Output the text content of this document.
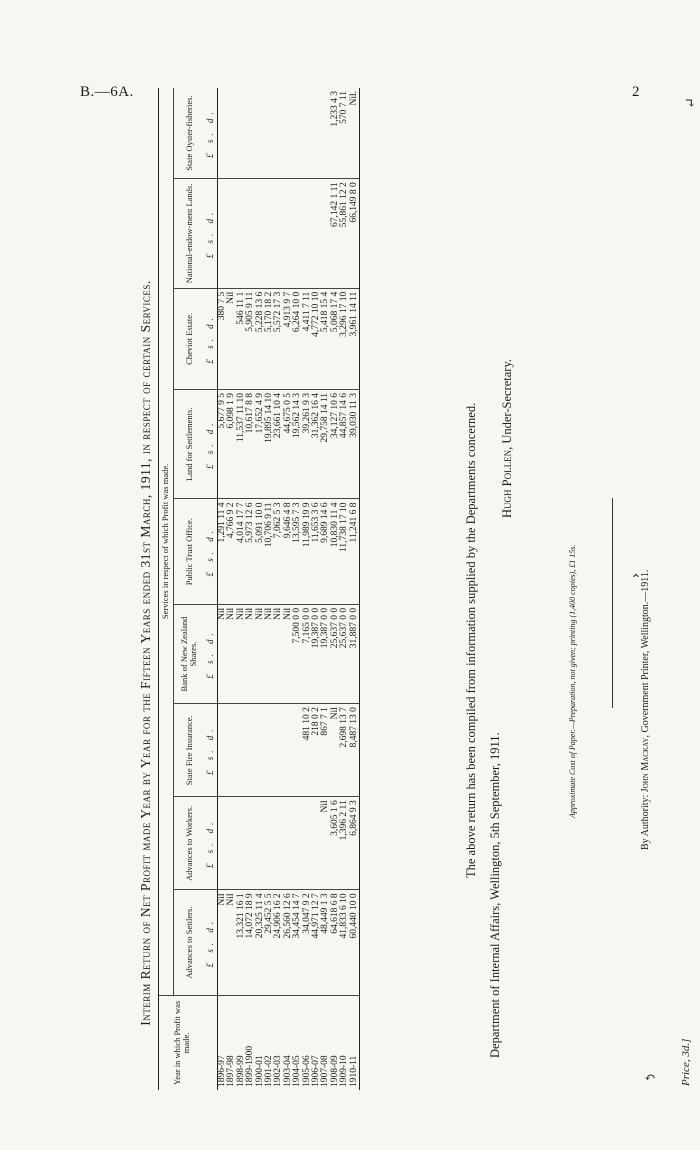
B.—6A.	2
↴
Interim Return of Net Profit made Year by Year for the Fifteen Years ended 31st March, 1911, in respect of certain Services.
Year in which Profit was made.	Services in respect of which Profit was made.								
	Advances to Settlers.	Advances to Workers.	State Fire Insurance.	Bank of New Zealand Shares.	Public Trust Office.	Land for Settlements.	Cheviot Estate.	National-endow-ment Lands.	State Oyster-fisheries.
	£ s. d.	£ s. d.	£ s. d.	£ s. d.	£ s. d.	£ s. d.	£ s. d.	£ s. d.	£ s. d.
1896-97	Nil			Nil	1,291 11 4	5,677 9 5	380 7 5		
1897-98	Nil			Nil	4,766 9 2	6,098 1 9	Nil		
1898-99	13,321 16 1			Nil	4,014 17 7	11,537 11 10	546 11 1		
1899-1900	14,072 18 9			Nil	5,973 12 6	10,617 8 8	5,905 9 11		
1900-01	20,325 11 4			Nil	5,091 10 0	17,652 4 9	5,228 13 6		
1901-02	29,452 5 5			Nil	10,706 9 11	19,895 14 10	5,170 18 2		
1902-03	24,906 16 2			Nil	7,062 5 3	23,661 10 4	5,572 17 3		
1903-04	26,560 12 6			Nil	9,646 4 8	44,675 0 5	4,913 9 7		
1904-05	34,454 14 7			7,500 0 0	13,595 7 3	19,562 14 3	6,264 10 0		
1905-06	34,047 9 2		481 10 2	7,165 0 0	11,989 19 9	39,261 9 3	4,411 7 11		
1906-07	44,971 12 7		218 0 2	19,387 0 0	11,653 3 6	31,362 16 4	4,772 10 10		
1907-08	48,449 1 3	Nil	867 7 1	19,387 0 0	9,689 14 6	29,758 14 11	5,418 15 4		
1908-09	64,618 6 8	3,605 1 6	Nil	25,637 0 0	10,830 11 4	34,127 10 6	5,068 17 4	67,142 1 11	1,233 4 3
1909-10	41,833 6 10	1,396 2 11	2,698 13 7	25,637 0 0	11,738 17 10	44,857 14 6	3,296 17 10	55,861 12 2	570 7 11
1910-11	60,440 10 0	6,864 9 3	8,487 13 0	31,887 0 0	11,241 6 8	39,030 11 3	3,961 14 11	66,149 8 0	Nil.
The above return has been compiled from information supplied by the Departments concerned.
Department of Internal Affairs, Wellington, 5th September, 1911.
Hugh Pollen, Under-Secretary.
Approximate Cost of Paper.—Preparation, not given; printing (1,400 copies), £1 15s.
By Authority: John Mackay, Government Printer, Wellington.—1911.
Price, 3d.]
⌃
↶
